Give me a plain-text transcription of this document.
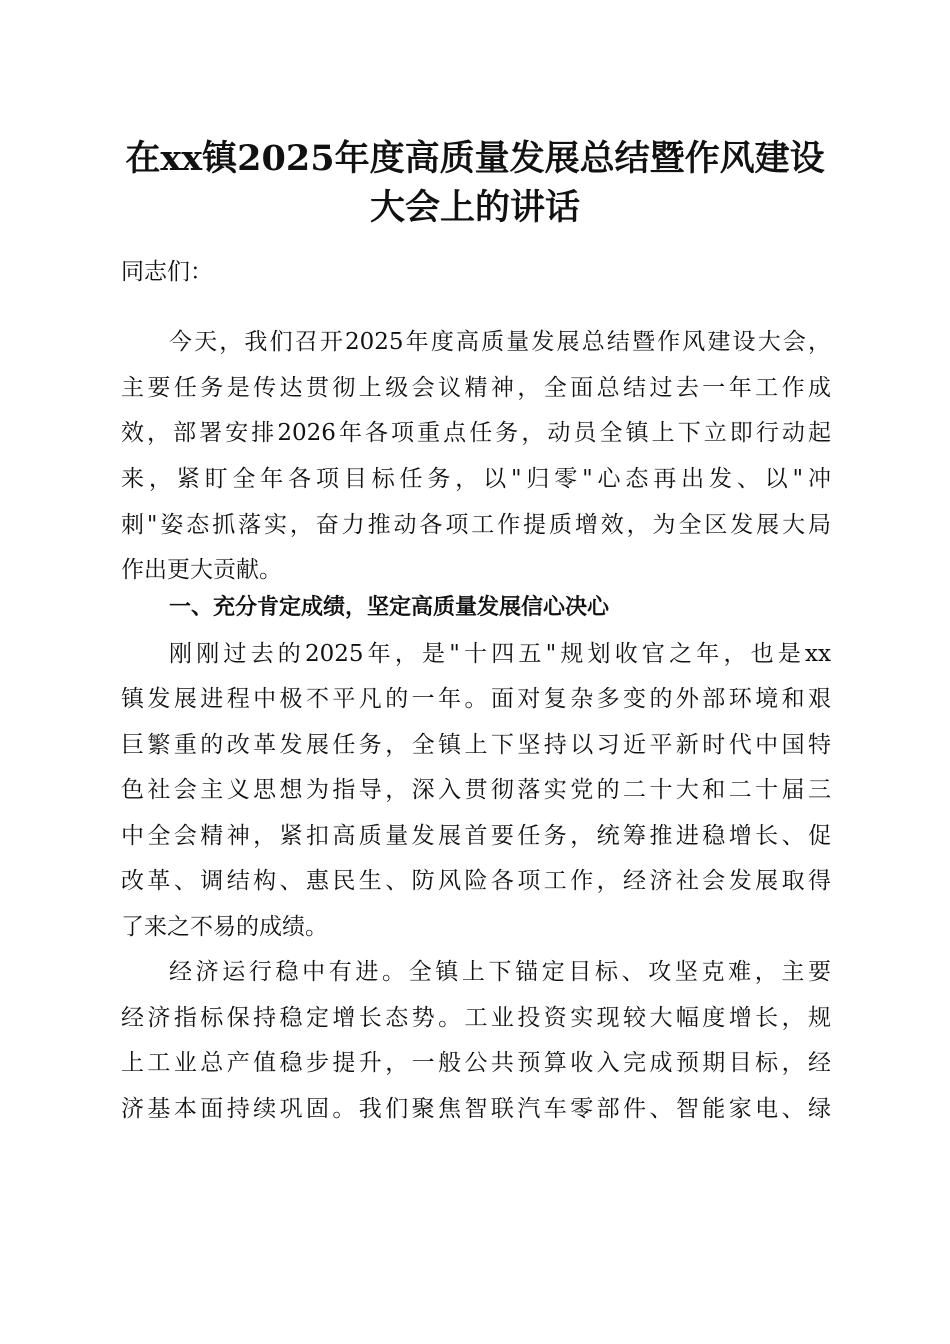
在xx镇2025年度高质量发展总结暨作风建设
大会上的讲话
同志们：
今天，我们召开2025年度高质量发展总结暨作风建设大会，
主要任务是传达贯彻上级会议精神，全面总结过去一年工作成
效，部署安排2026年各项重点任务，动员全镇上下立即行动起
来，紧盯全年各项目标任务，以"归零"心态再出发、以"冲
刺"姿态抓落实，奋力推动各项工作提质增效，为全区发展大局
作出更大贡献。
一、充分肯定成绩，坚定高质量发展信心决心
刚刚过去的2025年，是"十四五"规划收官之年，也是xx
镇发展进程中极不平凡的一年。面对复杂多变的外部环境和艰
巨繁重的改革发展任务，全镇上下坚持以习近平新时代中国特
色社会主义思想为指导，深入贯彻落实党的二十大和二十届三
中全会精神，紧扣高质量发展首要任务，统筹推进稳增长、促
改革、调结构、惠民生、防风险各项工作，经济社会发展取得
了来之不易的成绩。
经济运行稳中有进。全镇上下锚定目标、攻坚克难，主要
经济指标保持稳定增长态势。工业投资实现较大幅度增长，规
上工业总产值稳步提升，一般公共预算收入完成预期目标，经
济基本面持续巩固。我们聚焦智联汽车零部件、智能家电、绿
